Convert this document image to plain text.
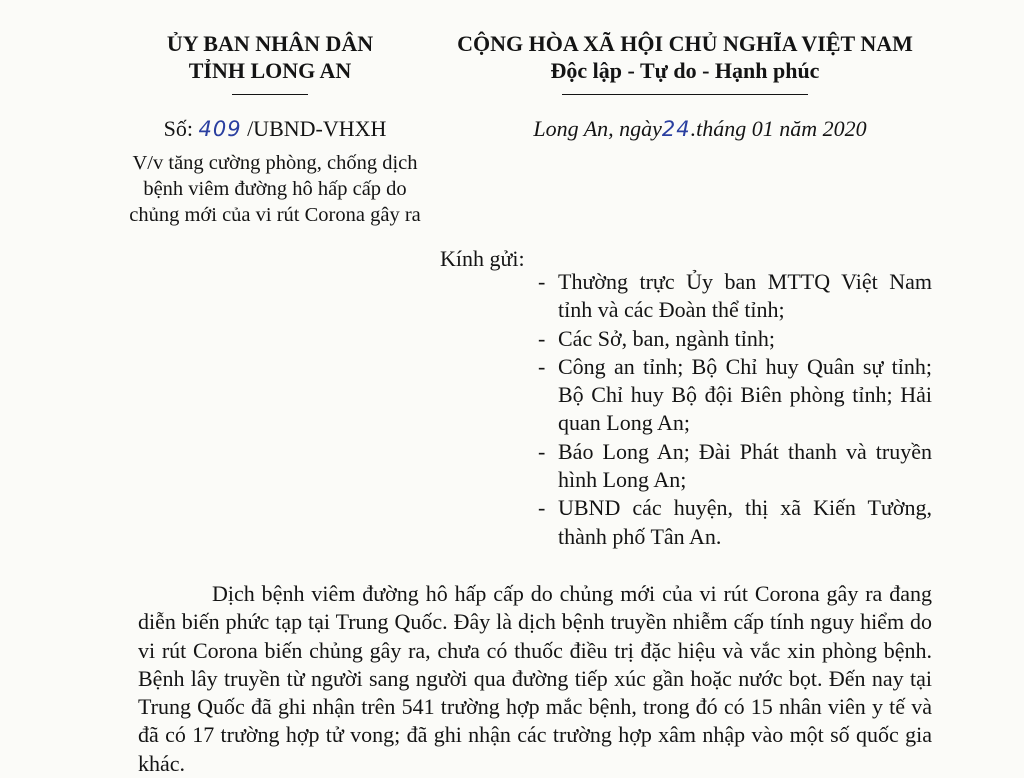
ỦY BAN NHÂN DÂN
TỈNH LONG AN
CỘNG HÒA XÃ HỘI CHỦ NGHĨA VIỆT NAM
Độc lập - Tự do - Hạnh phúc
Số: 409 /UBND-VHXH	Long An, ngày24.tháng 01 năm 2020
V/v tăng cường phòng, chống dịch bệnh viêm đường hô hấp cấp do chủng mới của vi rút Corona gây ra
Kính gửi:
- Thường trực Ủy ban MTTQ Việt Nam tỉnh và các Đoàn thể tỉnh;
- Các Sở, ban, ngành tỉnh;
- Công an tỉnh; Bộ Chỉ huy Quân sự tỉnh; Bộ Chỉ huy Bộ đội Biên phòng tỉnh; Hải quan Long An;
- Báo Long An; Đài Phát thanh và truyền hình Long An;
- UBND các huyện, thị xã Kiến Tường, thành phố Tân An.
Dịch bệnh viêm đường hô hấp cấp do chủng mới của vi rút Corona gây ra đang diễn biến phức tạp tại Trung Quốc. Đây là dịch bệnh truyền nhiễm cấp tính nguy hiểm do vi rút Corona biến chủng gây ra, chưa có thuốc điều trị đặc hiệu và vắc xin phòng bệnh. Bệnh lây truyền từ người sang người qua đường tiếp xúc gần hoặc nước bọt. Đến nay tại Trung Quốc đã ghi nhận trên 541 trường hợp mắc bệnh, trong đó có 15 nhân viên y tế và đã có 17 trường hợp tử vong; đã ghi nhận các trường hợp xâm nhập vào một số quốc gia khác.
